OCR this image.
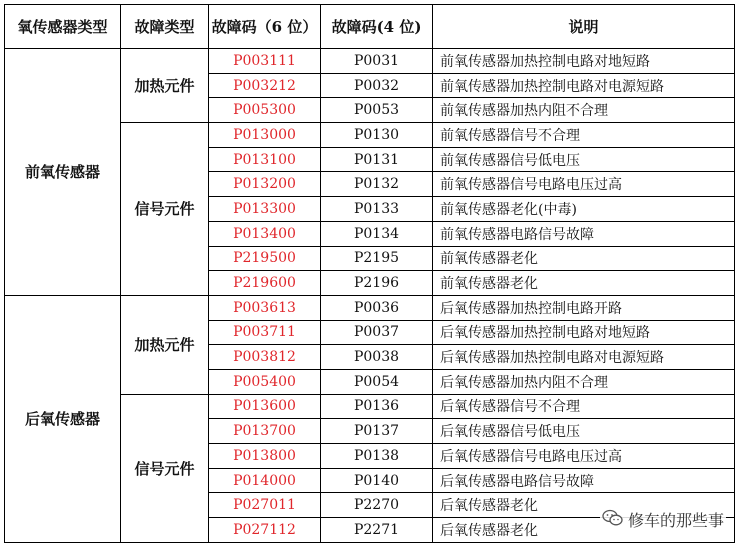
氧传感器类型	故障类型	故障码（6 位）	故障码(4 位)	说明
前氧传感器	加热元件	P003111	P0031	前氧传感器加热控制电路对地短路
		P003212	P0032	前氧传感器加热控制电路对电源短路
		P005300	P0053	前氧传感器加热内阻不合理
	信号元件	P013000	P0130	前氧传感器信号不合理
		P013100	P0131	前氧传感器信号低电压
		P013200	P0132	前氧传感器信号电路电压过高
		P013300	P0133	前氧传感器老化(中毒)
		P013400	P0134	前氧传感器电路信号故障
		P219500	P2195	前氧传感器老化
		P219600	P2196	前氧传感器老化
后氧传感器	加热元件	P003613	P0036	后氧传感器加热控制电路开路
		P003711	P0037	后氧传感器加热控制电路对地短路
		P003812	P0038	后氧传感器加热控制电路对电源短路
		P005400	P0054	后氧传感器加热内阻不合理
	信号元件	P013600	P0136	后氧传感器信号不合理
		P013700	P0137	后氧传感器信号低电压
		P013800	P0138	后氧传感器信号电路电压过高
		P014000	P0140	后氧传感器电路信号故障
		P027011	P2270	后氧传感器老化
		P027112	P2271	后氧传感器老化
修车的那些事
